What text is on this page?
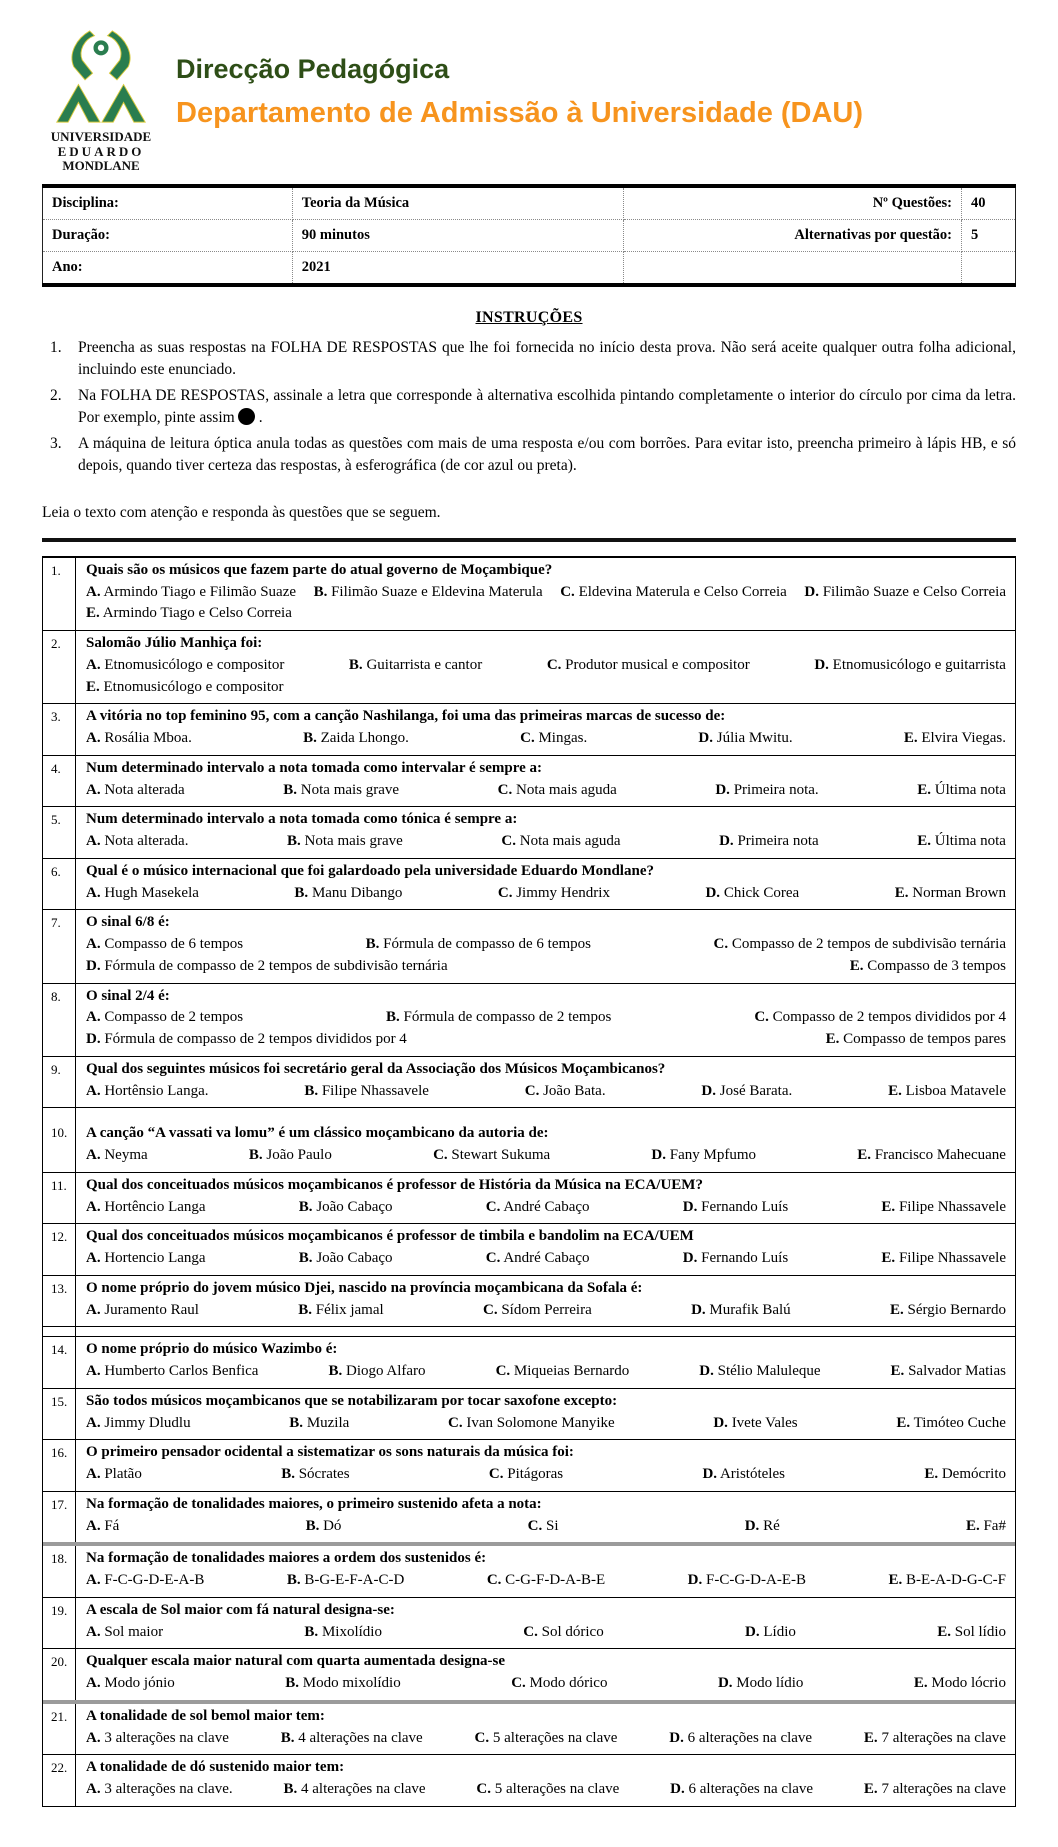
UNIVERSIDADE
EDUARDO
MONDLANE
Direcção Pedagógica
Departamento de Admissão à Universidade (DAU)
Disciplina:	Teoria da Música	Nº Questões:	40
Duração:	90 minutos	Alternativas por questão:	5
Ano:	2021		
INSTRUÇÕES
1.	Preencha as suas respostas na FOLHA DE RESPOSTAS que lhe foi fornecida no início desta prova. Não será aceite qualquer outra folha adicional, incluindo este enunciado.
2.	Na FOLHA DE RESPOSTAS, assinale a letra que corresponde à alternativa escolhida pintando completamente o interior do círculo por cima da letra. Por exemplo, pinte assim .
3.	A máquina de leitura óptica anula todas as questões com mais de uma resposta e/ou com borrões. Para evitar isto, preencha primeiro à lápis HB, e só depois, quando tiver certeza das respostas, à esferográfica (de cor azul ou preta).

Leia o texto com atenção e responda às questões que se seguem.

1.	Quais são os músicos que fazem parte do atual governo de Moçambique?
A. Armindo Tiago e Filimão Suaze B. Filimão Suaze e Eldevina Materula C. Eldevina Materula e Celso Correia D. Filimão Suaze e Celso Correia
E. Armindo Tiago e Celso Correia
2.	Salomão Júlio Manhiça foi:
A. Etnomusicólogo e compositor	B. Guitarrista e cantor	C. Produtor musical e compositor	D. Etnomusicólogo e guitarrista
E. Etnomusicólogo e compositor
3.	A vitória no top feminino 95, com a canção Nashilanga, foi uma das primeiras marcas de sucesso de:
A. Rosália Mboa.	B. Zaida Lhongo.	C. Mingas.	D. Júlia Mwitu.	E. Elvira Viegas.
4.	Num determinado intervalo a nota tomada como intervalar é sempre a:
A. Nota alterada	B. Nota mais grave	C. Nota mais aguda	D. Primeira nota.	E. Última nota
5.	Num determinado intervalo a nota tomada como tónica é sempre a:
A. Nota alterada.	B. Nota mais grave	C. Nota mais aguda	D. Primeira nota	E. Última nota
6.	Qual é o músico internacional que foi galardoado pela universidade Eduardo Mondlane?
A. Hugh Masekela	B. Manu Dibango	C. Jimmy Hendrix	D. Chick Corea	E. Norman Brown
7.	O sinal 6/8 é:
A. Compasso de 6 tempos	B. Fórmula de compasso de 6 tempos	C. Compasso de 2 tempos de subdivisão ternária
D. Fórmula de compasso de 2 tempos de subdivisão ternária	E. Compasso de 3 tempos
8.	O sinal 2/4 é:
A. Compasso de 2 tempos	B. Fórmula de compasso de 2 tempos	C. Compasso de 2 tempos divididos por 4
D. Fórmula de compasso de 2 tempos divididos por 4	E. Compasso de tempos pares
9.	Qual dos seguintes músicos foi secretário geral da Associação dos Músicos Moçambicanos?
A. Hortênsio Langa.	B. Filipe Nhassavele	C. João Bata.	D. José Barata.	E. Lisboa Matavele
10.	A canção “A vassati va lomu” é um clássico moçambicano da autoria de:
A. Neyma	B. João Paulo	C. Stewart Sukuma	D. Fany Mpfumo	E. Francisco Mahecuane
11.	Qual dos conceituados músicos moçambicanos é professor de História da Música na ECA/UEM?
A. Hortêncio Langa	B. João Cabaço	C. André Cabaço	D. Fernando Luís	E. Filipe Nhassavele
12.	Qual dos conceituados músicos moçambicanos é professor de timbila e bandolim na ECA/UEM
A. Hortencio Langa	B. João Cabaço	C. André Cabaço	D. Fernando Luís	E. Filipe Nhassavele
13.	O nome próprio do jovem músico Djei, nascido na província moçambicana da Sofala é:
A. Juramento Raul	B. Félix jamal	C. Sídom Perreira	D. Murafik Balú	E. Sérgio Bernardo
14.	O nome próprio do músico Wazimbo é:
A. Humberto Carlos Benfica	B. Diogo Alfaro	C. Miqueias Bernardo	D. Stélio Maluleque	E. Salvador Matias
15.	São todos músicos moçambicanos que se notabilizaram por tocar saxofone excepto:
A. Jimmy Dludlu	B. Muzila	C. Ivan Solomone Manyike	D. Ivete Vales	E. Timóteo Cuche
16.	O primeiro pensador ocidental a sistematizar os sons naturais da música foi:
A. Platão	B. Sócrates	C. Pitágoras	D. Aristóteles	E. Demócrito
17.	Na formação de tonalidades maiores, o primeiro sustenido afeta a nota:
A. Fá	B. Dó	C. Si	D. Ré	E. Fa#
18.	Na formação de tonalidades maiores a ordem dos sustenidos é:
A. F-C-G-D-E-A-B	B. B-G-E-F-A-C-D	C. C-G-F-D-A-B-E	D. F-C-G-D-A-E-B	E. B-E-A-D-G-C-F
19.	A escala de Sol maior com fá natural designa-se:
A. Sol maior	B. Mixolídio	C. Sol dórico	D. Lídio	E. Sol lídio
20.	Qualquer escala maior natural com quarta aumentada designa-se
A. Modo jónio	B. Modo mixolídio	C. Modo dórico	D. Modo lídio	E. Modo lócrio
21.	A tonalidade de sol bemol maior tem:
A. 3 alterações na clave	B. 4 alterações na clave	C. 5 alterações na clave	D. 6 alterações na clave	E. 7 alterações na clave
22.	A tonalidade de dó sustenido maior tem:
A. 3 alterações na clave.	B. 4 alterações na clave	C. 5 alterações na clave	D. 6 alterações na clave	E. 7 alterações na clave
